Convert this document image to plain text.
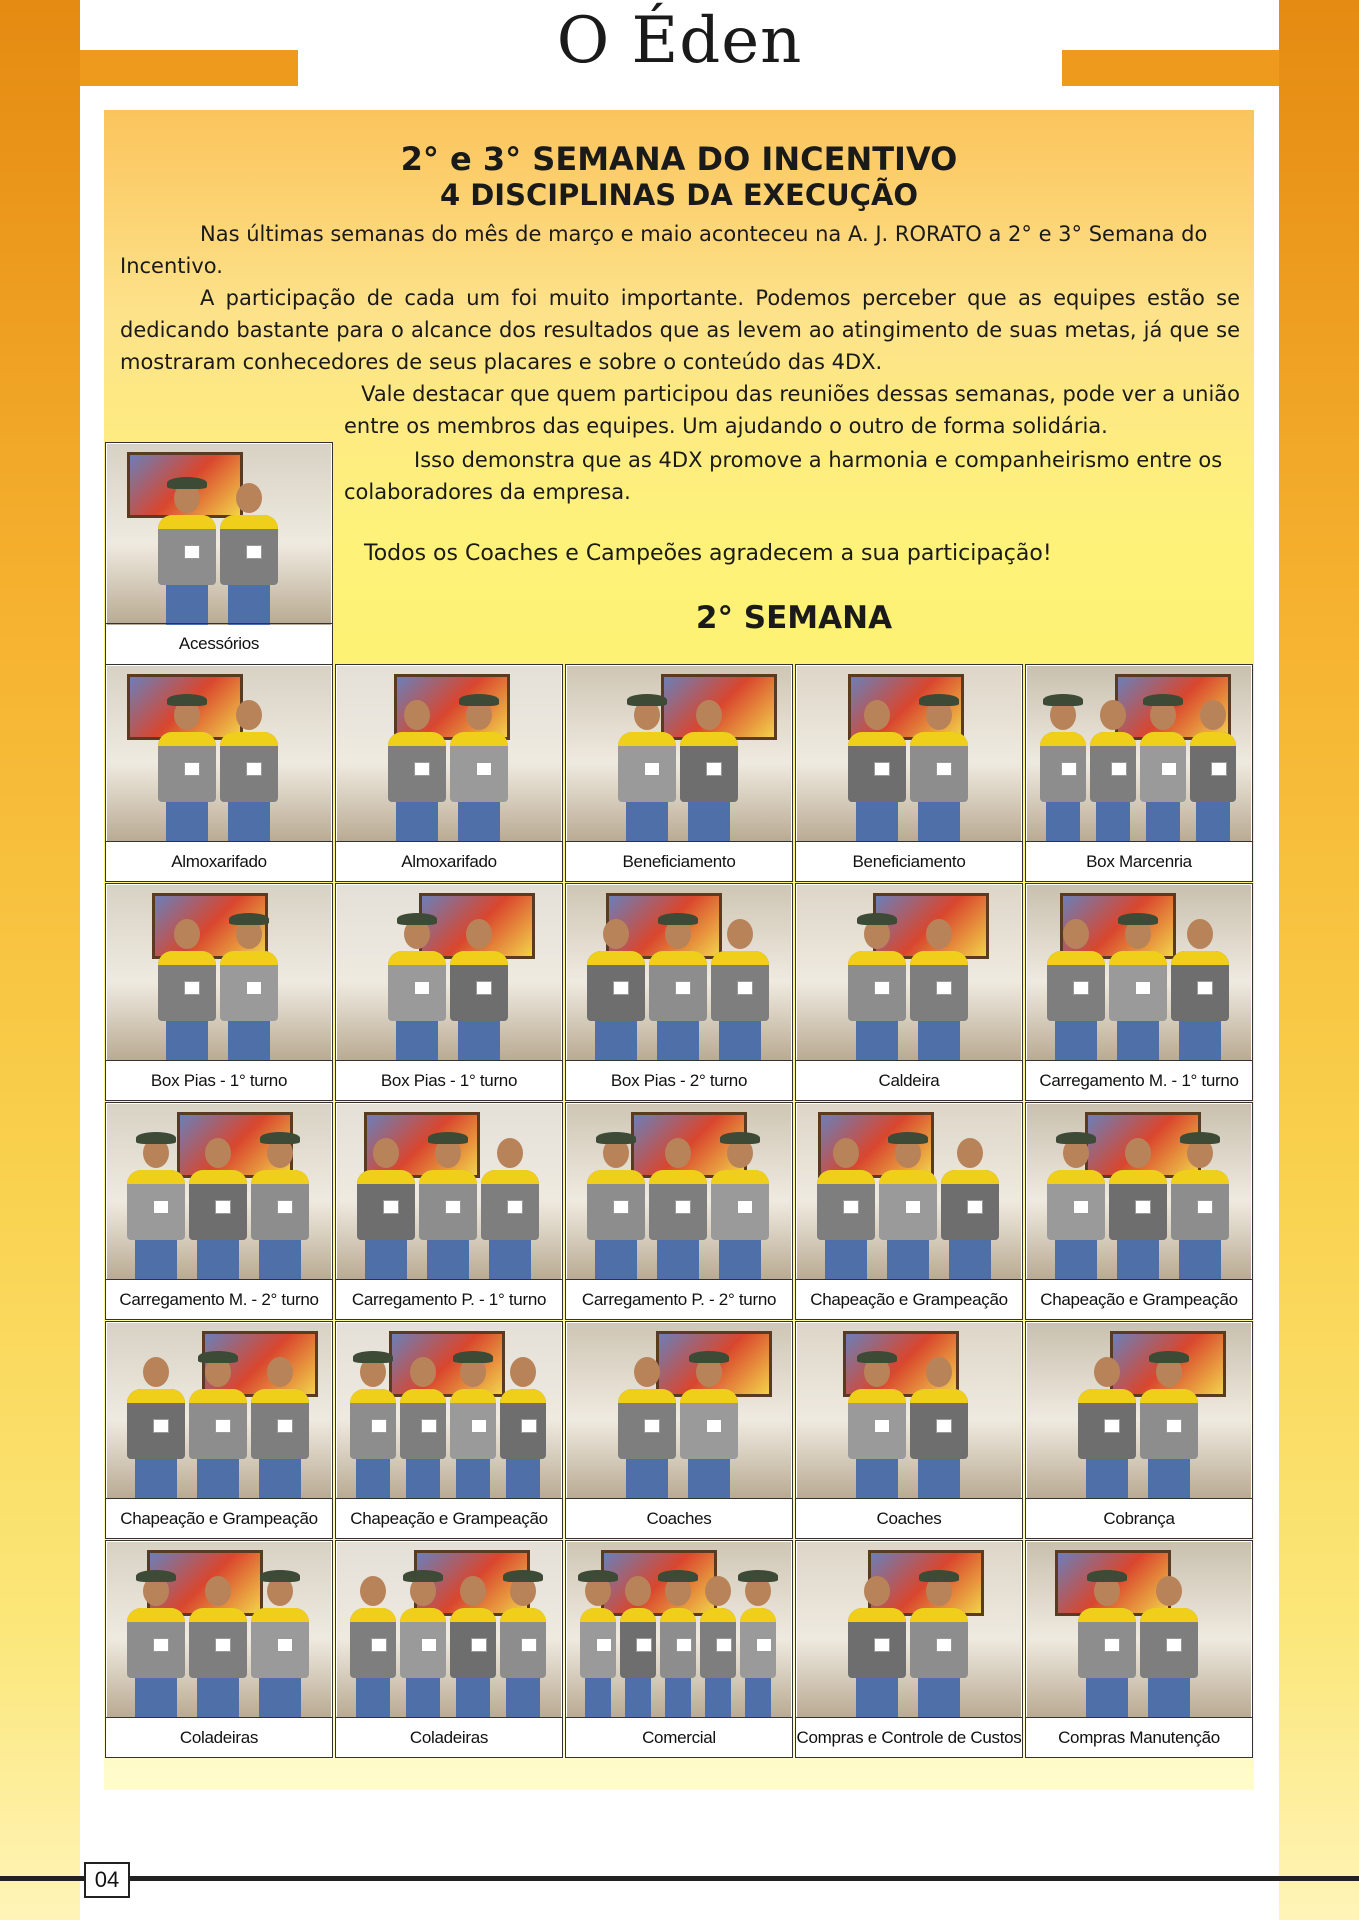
O Éden
2° e 3° SEMANA DO INCENTIVO
4 DISCIPLINAS DA EXECUÇÃO

Nas últimas semanas do mês de março e maio aconteceu na A. J. RORATO a 2° e 3° Semana do Incentivo.

A participação de cada um foi muito importante. Podemos perceber que as equipes estão se dedicando bastante para o alcance dos resultados que as levem ao atingimento de suas metas, já que se mostraram conhecedores de seus placares e sobre o conteúdo das 4DX.

Vale destacar que quem participou das reuniões dessas semanas, pode ver a união

entre os membros das equipes. Um ajudando o outro de forma solidária.

Isso demonstra que as 4DX promove a harmonia e companheirismo entre os colaboradores da empresa.

Todos os Coaches e Campeões agradecem a sua participação!

2° SEMANA
Acessórios
Almoxarifado	Almoxarifado	Beneficiamento	Beneficiamento	Box Marcenria
Box Pias - 1° turno	Box Pias - 1° turno	Box Pias - 2° turno	Caldeira	Carregamento M. - 1° turno
Carregamento M. - 2° turno	Carregamento P. - 1° turno	Carregamento P. - 2° turno	Chapeação e Grampeação	Chapeação e Grampeação
Chapeação e Grampeação	Chapeação e Grampeação	Coaches	Coaches	Cobrança
Coladeiras	Coladeiras	Comercial	Compras e Controle de Custos	Compras Manutenção
04
